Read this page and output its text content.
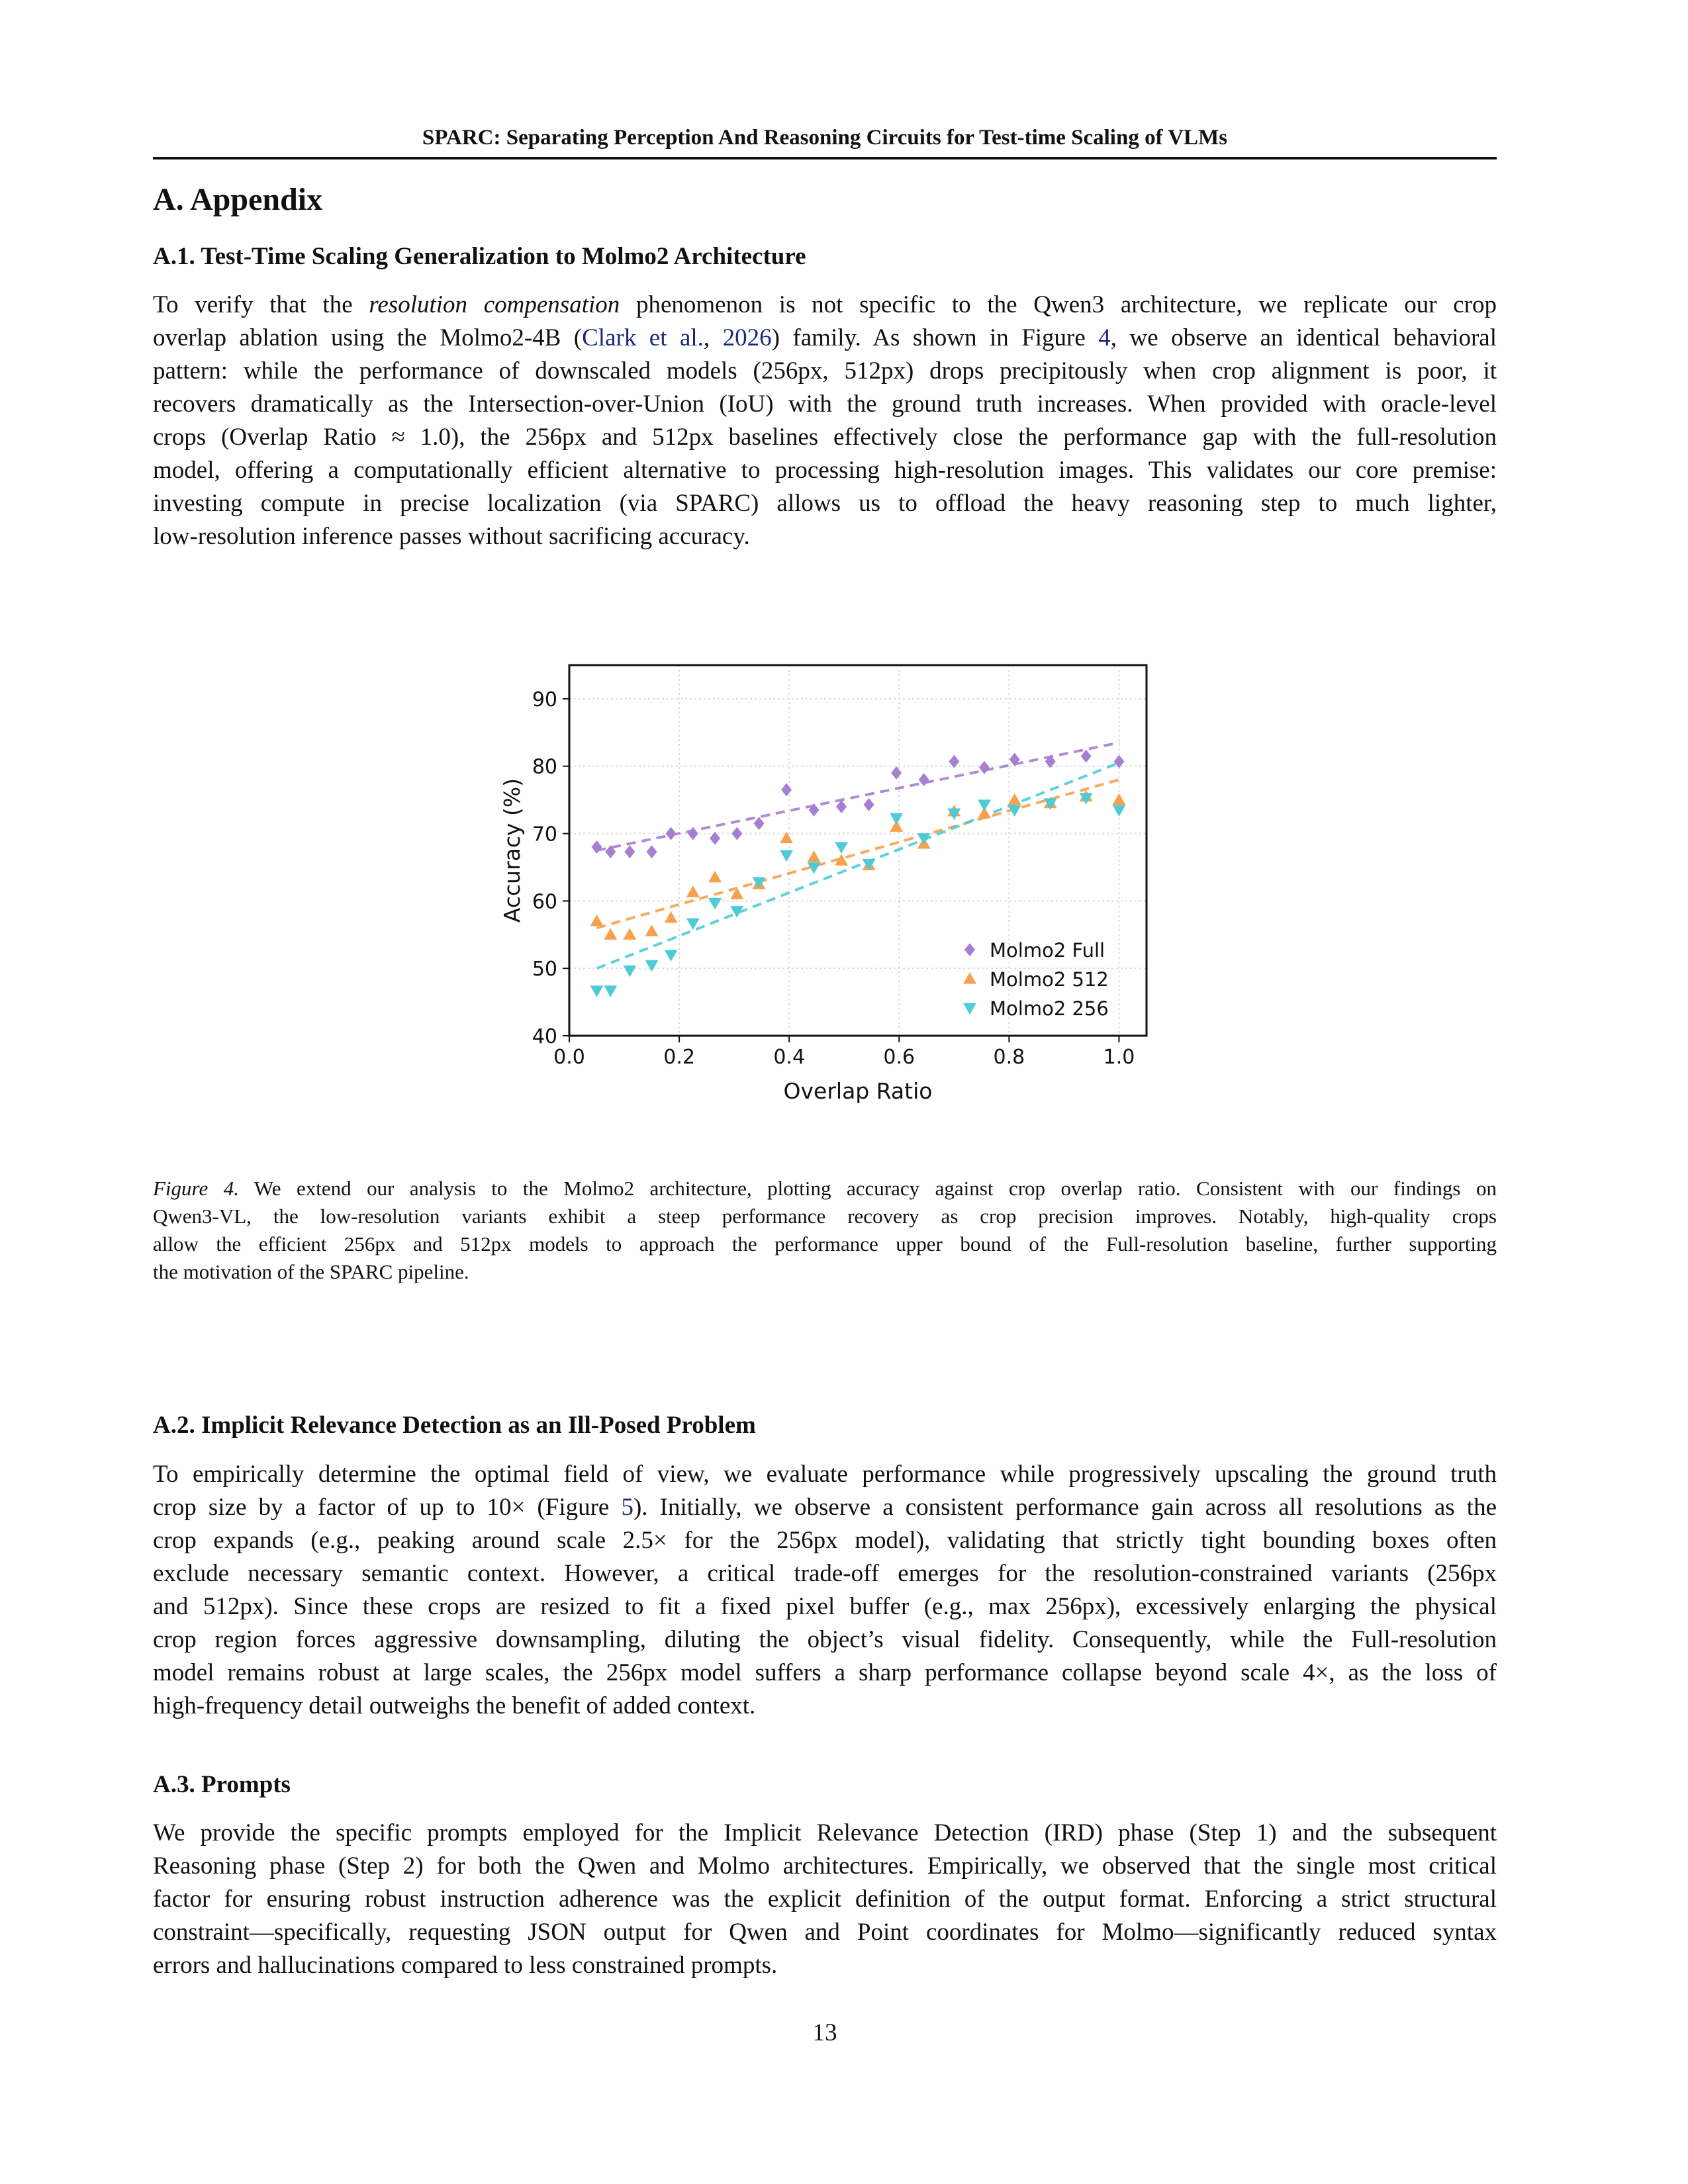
SPARC: Separating Perception And Reasoning Circuits for Test-time Scaling of VLMs
A. Appendix
A.1. Test-Time Scaling Generalization to Molmo2 Architecture
To verify that the resolution compensation phenomenon is not specific to the Qwen3 architecture, we replicate our crop
overlap ablation using the Molmo2-4B (Clark et al., 2026) family. As shown in Figure 4, we observe an identical behavioral
pattern: while the performance of downscaled models (256px, 512px) drops precipitously when crop alignment is poor, it
recovers dramatically as the Intersection-over-Union (IoU) with the ground truth increases. When provided with oracle-level
crops (Overlap Ratio ≈ 1.0), the 256px and 512px baselines effectively close the performance gap with the full-resolution
model, offering a computationally efficient alternative to processing high-resolution images. This validates our core premise:
investing compute in precise localization (via SPARC) allows us to offload the heavy reasoning step to much lighter,
low-resolution inference passes without sacrificing accuracy.
0.0	0.2	0.4	0.6	0.8	1.0
40
50
60
70
80
90
Overlap Ratio
Accuracy (%)
Molmo2 Full
Molmo2 512
Molmo2 256
Figure 4. We extend our analysis to the Molmo2 architecture, plotting accuracy against crop overlap ratio. Consistent with our findings on
Qwen3-VL, the low-resolution variants exhibit a steep performance recovery as crop precision improves. Notably, high-quality crops
allow the efficient 256px and 512px models to approach the performance upper bound of the Full-resolution baseline, further supporting
the motivation of the SPARC pipeline.
A.2. Implicit Relevance Detection as an Ill-Posed Problem
To empirically determine the optimal field of view, we evaluate performance while progressively upscaling the ground truth
crop size by a factor of up to 10× (Figure 5). Initially, we observe a consistent performance gain across all resolutions as the
crop expands (e.g., peaking around scale 2.5× for the 256px model), validating that strictly tight bounding boxes often
exclude necessary semantic context. However, a critical trade-off emerges for the resolution-constrained variants (256px
and 512px). Since these crops are resized to fit a fixed pixel buffer (e.g., max 256px), excessively enlarging the physical
crop region forces aggressive downsampling, diluting the object’s visual fidelity. Consequently, while the Full-resolution
model remains robust at large scales, the 256px model suffers a sharp performance collapse beyond scale 4×, as the loss of
high-frequency detail outweighs the benefit of added context.
A.3. Prompts
We provide the specific prompts employed for the Implicit Relevance Detection (IRD) phase (Step 1) and the subsequent
Reasoning phase (Step 2) for both the Qwen and Molmo architectures. Empirically, we observed that the single most critical
factor for ensuring robust instruction adherence was the explicit definition of the output format. Enforcing a strict structural
constraint—specifically, requesting JSON output for Qwen and Point coordinates for Molmo—significantly reduced syntax
errors and hallucinations compared to less constrained prompts.
13
